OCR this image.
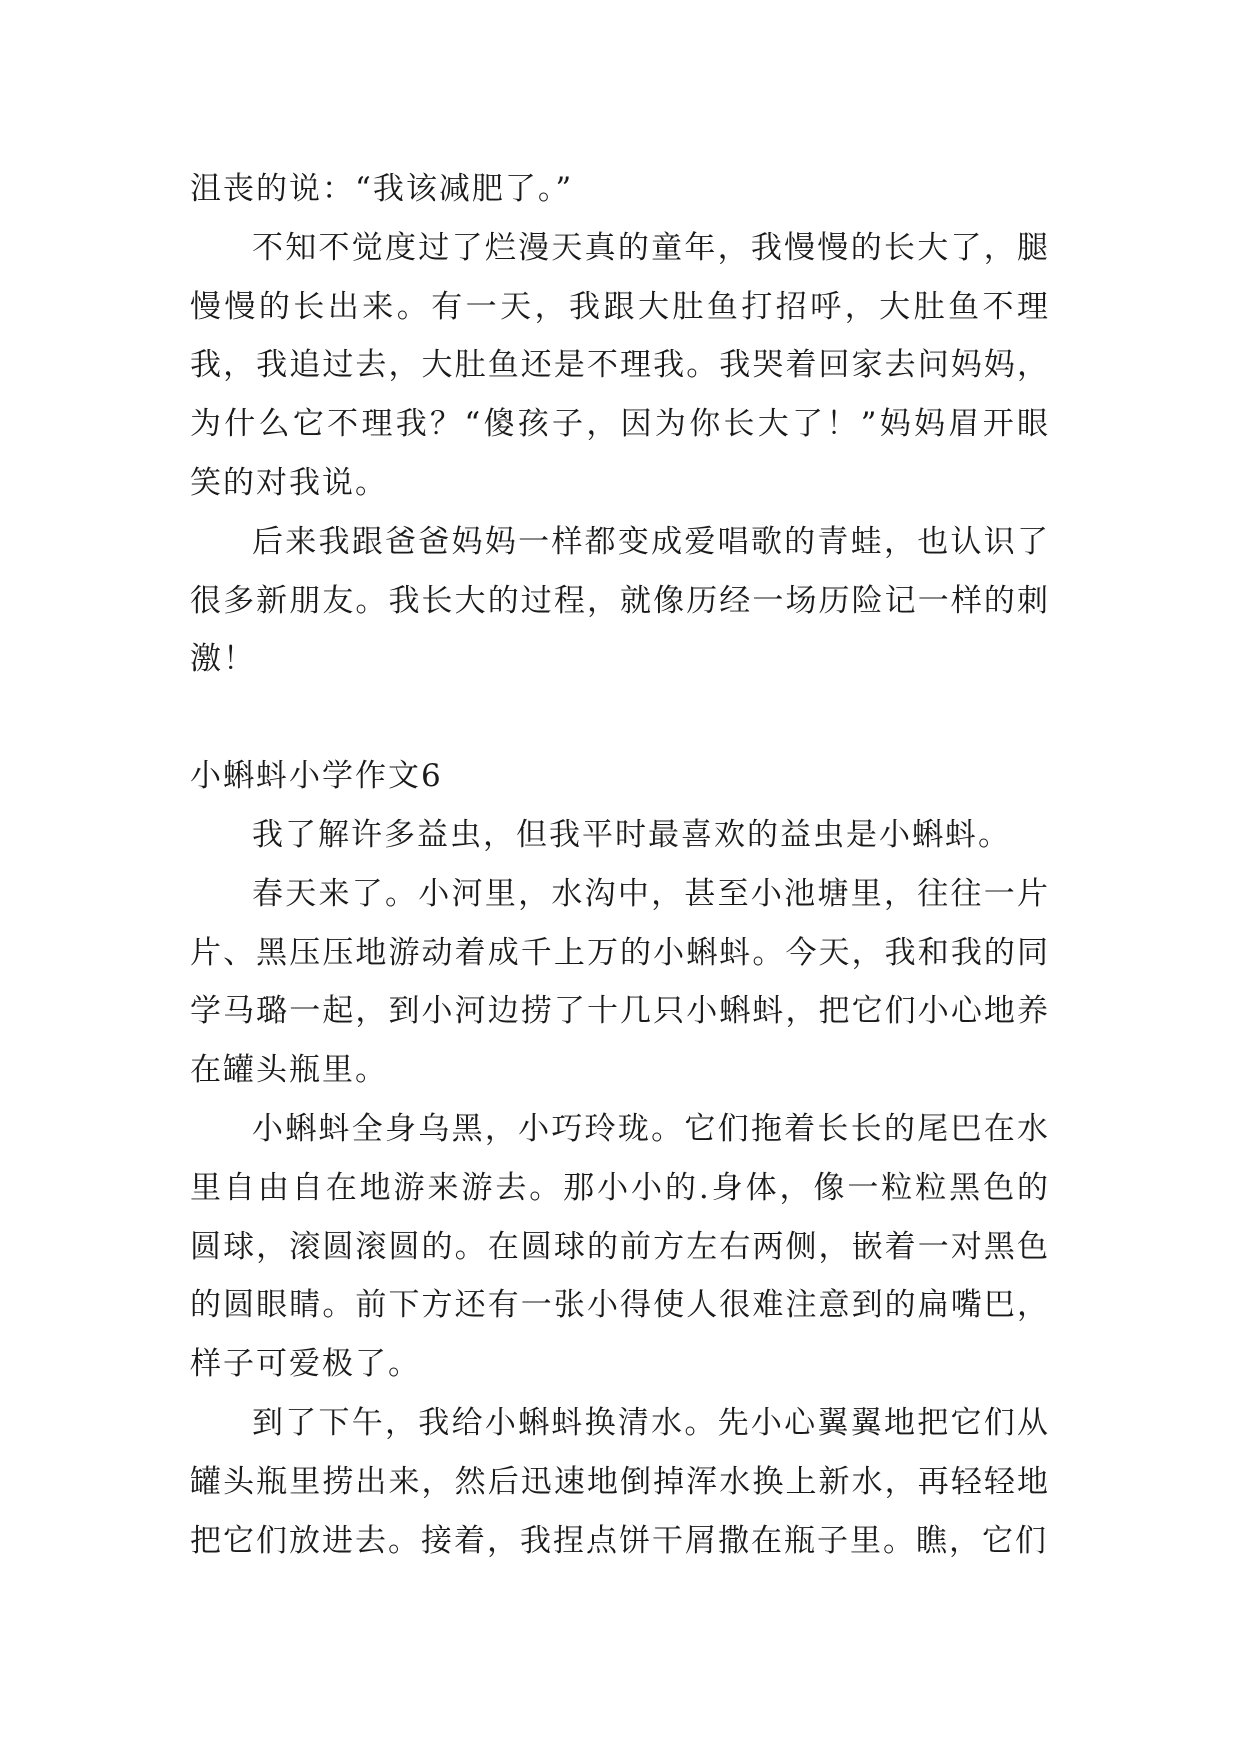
沮丧的说：“我该减肥了。”

不知不觉度过了烂漫天真的童年，我慢慢的长大了，腿慢慢的长出来。有一天，我跟大肚鱼打招呼，大肚鱼不理我，我追过去，大肚鱼还是不理我。我哭着回家去问妈妈，为什么它不理我？“傻孩子，因为你长大了！”妈妈眉开眼笑的对我说。

后来我跟爸爸妈妈一样都变成爱唱歌的青蛙，也认识了很多新朋友。我长大的过程，就像历经一场历险记一样的刺激！

小蝌蚪小学作文6

我了解许多益虫，但我平时最喜欢的益虫是小蝌蚪。

春天来了。小河里，水沟中，甚至小池塘里，往往一片片、黑压压地游动着成千上万的小蝌蚪。今天，我和我的同学马璐一起，到小河边捞了十几只小蝌蚪，把它们小心地养在罐头瓶里。

小蝌蚪全身乌黑，小巧玲珑。它们拖着长长的尾巴在水里自由自在地游来游去。那小小的.身体，像一粒粒黑色的圆球，滚圆滚圆的。在圆球的前方左右两侧，嵌着一对黑色的圆眼睛。前下方还有一张小得使人很难注意到的扁嘴巴，样子可爱极了。

到了下午，我给小蝌蚪换清水。先小心翼翼地把它们从罐头瓶里捞出来，然后迅速地倒掉浑水换上新水，再轻轻地把它们放进去。接着，我捏点饼干屑撒在瓶子里。瞧，它们
